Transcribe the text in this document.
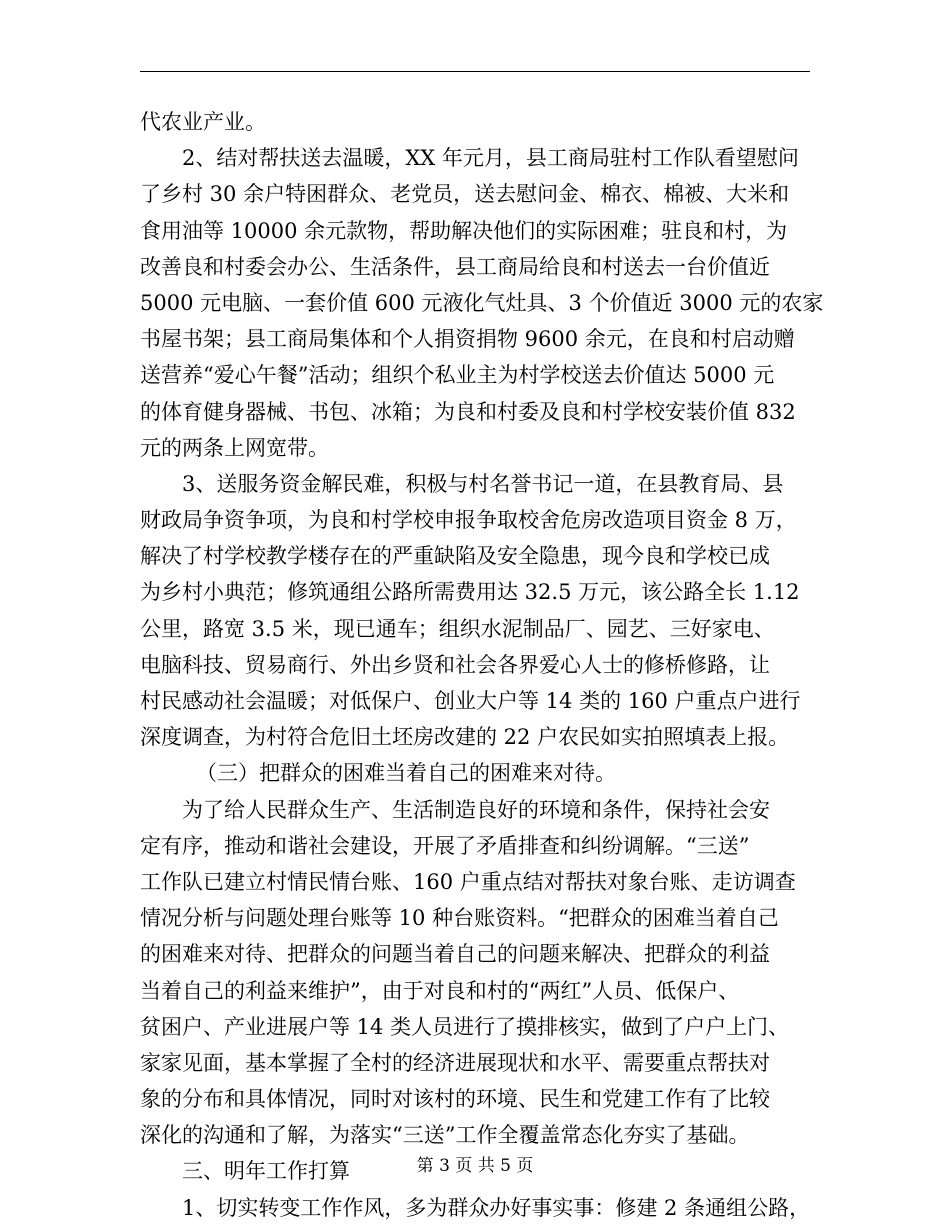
代农业产业。
2、结对帮扶送去温暖，XX 年元月，县工商局驻村工作队看望慰问
了乡村 30 余户特困群众、老党员，送去慰问金、棉衣、棉被、大米和
食用油等 10000 余元款物，帮助解决他们的实际困难；驻良和村，为
改善良和村委会办公、生活条件，县工商局给良和村送去一台价值近
5000 元电脑、一套价值 600 元液化气灶具、3 个价值近 3000 元的农家
书屋书架；县工商局集体和个人捐资捐物 9600 余元，在良和村启动赠
送营养“爱心午餐”活动；组织个私业主为村学校送去价值达 5000 元
的体育健身器械、书包、冰箱；为良和村委及良和村学校安装价值 832
元的两条上网宽带。
3、送服务资金解民难，积极与村名誉书记一道，在县教育局、县
财政局争资争项，为良和村学校申报争取校舍危房改造项目资金 8 万，
解决了村学校教学楼存在的严重缺陷及安全隐患，现今良和学校已成
为乡村小典范；修筑通组公路所需费用达 32.5 万元，该公路全长 1.12
公里，路宽 3.5 米，现已通车；组织水泥制品厂、园艺、三好家电、
电脑科技、贸易商行、外出乡贤和社会各界爱心人士的修桥修路，让
村民感动社会温暖；对低保户、创业大户等 14 类的 160 户重点户进行
深度调查，为村符合危旧土坯房改建的 22 户农民如实拍照填表上报。
（三）把群众的困难当着自己的困难来对待。
为了给人民群众生产、生活制造良好的环境和条件，保持社会安
定有序，推动和谐社会建设，开展了矛盾排查和纠纷调解。“三送”
工作队已建立村情民情台账、160 户重点结对帮扶对象台账、走访调查
情况分析与问题处理台账等 10 种台账资料。“把群众的困难当着自己
的困难来对待、把群众的问题当着自己的问题来解决、把群众的利益
当着自己的利益来维护”，由于对良和村的“两红”人员、低保户、
贫困户、产业进展户等 14 类人员进行了摸排核实，做到了户户上门、
家家见面，基本掌握了全村的经济进展现状和水平、需要重点帮扶对
象的分布和具体情况，同时对该村的环境、民生和党建工作有了比较
深化的沟通和了解，为落实“三送”工作全覆盖常态化夯实了基础。
三、明年工作打算
1、切实转变工作作风，多为群众办好事实事：修建 2 条通组公路，
第 3 页 共 5 页
